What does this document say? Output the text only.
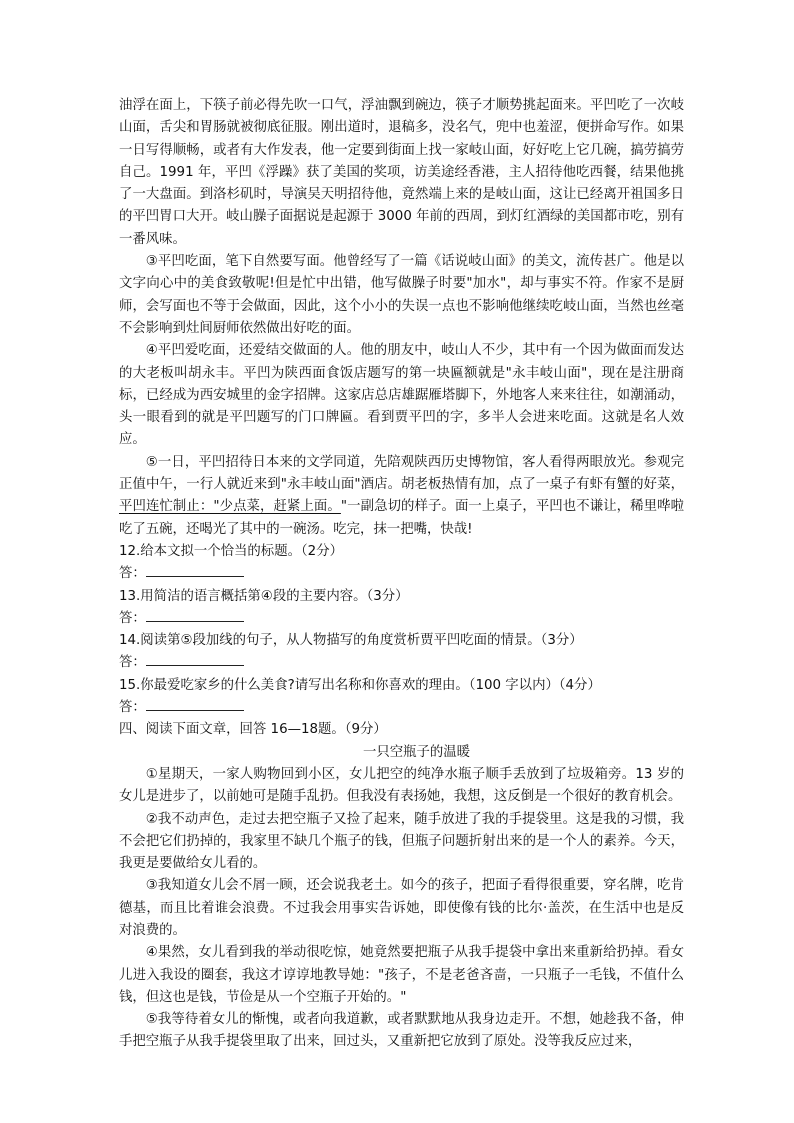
油浮在面上，下筷子前必得先吹一口气，浮油飘到碗边，筷子才顺势挑起面来。平凹吃了一次岐山面，舌尖和胃肠就被彻底征服。刚出道时，退稿多，没名气，兜中也羞涩，便拼命写作。如果一日写得顺畅，或者有大作发表，他一定要到街面上找一家岐山面，好好吃上它几碗，搞劳搞劳自己。1991 年，平凹《浮躁》获了美国的奖项，访美途经香港，主人招待他吃西餐，结果他挑了一大盘面。到洛杉矶时，导演吴天明招待他，竟然端上来的是岐山面，这让已经离开祖国多日的平凹胃口大开。岐山臊子面据说是起源于 3000 年前的西周，到灯红酒绿的美国都市吃，别有一番风味。

③平凹吃面，笔下自然要写面。他曾经写了一篇《话说岐山面》的美文，流传甚广。他是以文字向心中的美食致敬呢!但是忙中出错，他写做臊子时要"加水"，却与事实不符。作家不是厨师，会写面也不等于会做面，因此，这个小小的失误一点也不影响他继续吃岐山面，当然也丝毫不会影响到灶间厨师依然做出好吃的面。

④平凹爱吃面，还爱结交做面的人。他的朋友中，岐山人不少，其中有一个因为做面而发达的大老板叫胡永丰。平凹为陕西面食饭店题写的第一块匾额就是"永丰岐山面"，现在是注册商标，已经成为西安城里的金字招牌。这家店总店雄踞雁塔脚下，外地客人来来往往，如潮涌动，头一眼看到的就是平凹题写的门口牌匾。看到贾平凹的字，多半人会进来吃面。这就是名人效应。

⑤一日，平凹招待日本来的文学同道，先陪观陕西历史博物馆，客人看得两眼放光。参观完正值中午，一行人就近来到"永丰岐山面"酒店。胡老板热情有加，点了一桌子有虾有蟹的好菜，平凹连忙制止："少点菜，赶紧上面。"一副急切的样子。面一上桌子，平凹也不谦让，稀里哗啦吃了五碗，还喝光了其中的一碗汤。吃完，抹一把嘴，快哉!

12.给本文拟一个恰当的标题。（2分）

答：

13.用简洁的语言概括第④段的主要内容。（3分）

答：

14.阅读第⑤段加线的句子，从人物描写的角度赏析贾平凹吃面的情景。（3分）

答：

15.你最爱吃家乡的什么美食?请写出名称和你喜欢的理由。（100 字以内）（4分）

答：

四、阅读下面文章，回答 16—18题。（9分）

一只空瓶子的温暖

①星期天，一家人购物回到小区，女儿把空的纯净水瓶子顺手丢放到了垃圾箱旁。13 岁的女儿是进步了，以前她可是随手乱扔。但我没有表扬她，我想，这反倒是一个很好的教育机会。

②我不动声色，走过去把空瓶子又捡了起来，随手放进了我的手提袋里。这是我的习惯，我不会把它们扔掉的，我家里不缺几个瓶子的钱，但瓶子问题折射出来的是一个人的素养。今天，我更是要做给女儿看的。

③我知道女儿会不屑一顾，还会说我老土。如今的孩子，把面子看得很重要，穿名牌，吃肯德基，而且比着谁会浪费。不过我会用事实告诉她，即使像有钱的比尔·盖茨，在生活中也是反对浪费的。

④果然，女儿看到我的举动很吃惊，她竟然要把瓶子从我手提袋中拿出来重新给扔掉。看女儿进入我设的圈套，我这才谆谆地教导她："孩子，不是老爸吝啬，一只瓶子一毛钱，不值什么钱，但这也是钱，节俭是从一个空瓶子开始的。"

⑤我等待着女儿的惭愧，或者向我道歉，或者默默地从我身边走开。不想，她趁我不备，伸手把空瓶子从我手提袋里取了出来，回过头，又重新把它放到了原处。没等我反应过来，
